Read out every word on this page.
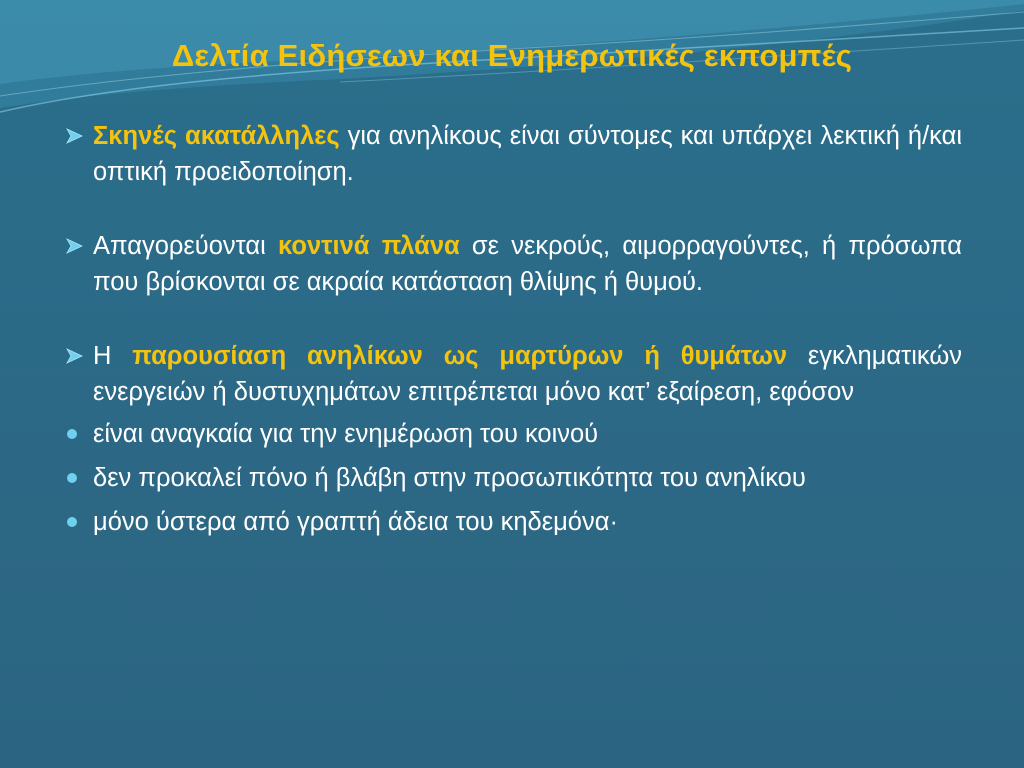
Δελτία Ειδήσεων και Ενημερωτικές εκπομπές
Σκηνές ακατάλληλες για ανηλίκους είναι σύντομες και υπάρχει λεκτική ή/και οπτική προειδοποίηση.
Απαγορεύονται κοντινά πλάνα σε νεκρούς, αιμορραγούντες, ή πρόσωπα που βρίσκονται σε ακραία κατάσταση θλίψης ή θυμού.
Η παρουσίαση ανηλίκων ως μαρτύρων ή θυμάτων εγκληματικών ενεργειών ή δυστυχημάτων επιτρέπεται μόνο κατ’ εξαίρεση, εφόσον
είναι αναγκαία για την ενημέρωση του κοινού
δεν προκαλεί πόνο ή βλάβη στην προσωπικότητα του ανηλίκου
μόνο ύστερα από γραπτή άδεια του κηδεμόνα·
